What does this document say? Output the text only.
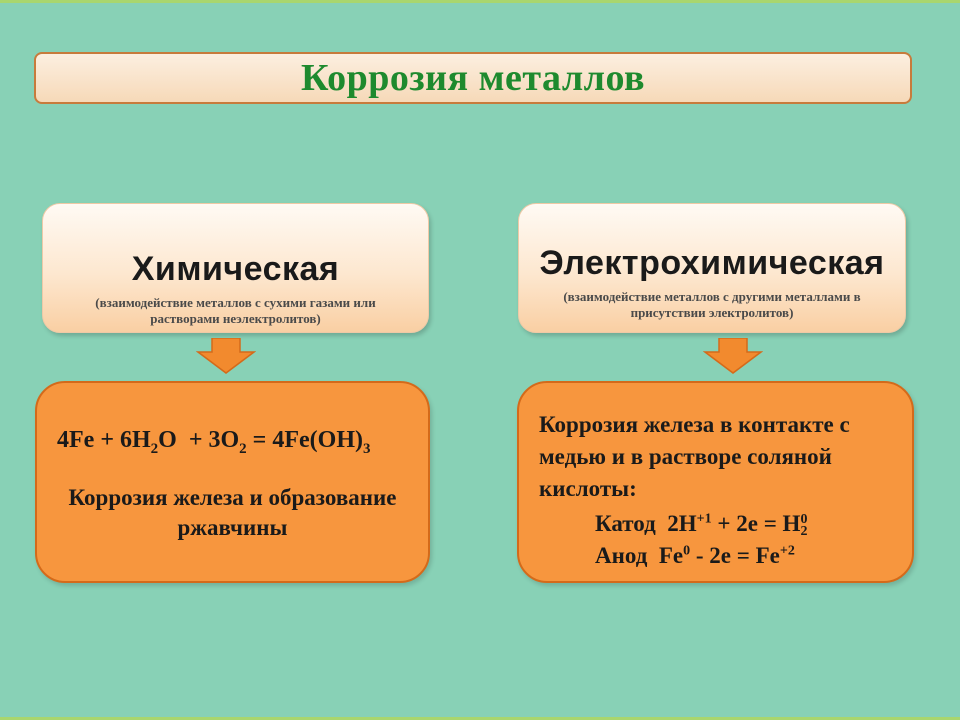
Коррозия металлов
Химическая
(взаимодействие металлов с сухими газами или растворами неэлектролитов)
Электрохимическая
(взаимодействие металлов с другими металлами в присутствии электролитов)
$4Fe + 6H_2O + 3O_2 = 4Fe(OH)_3$
Коррозия железа и образование ржавчины
Коррозия железа в контакте с медью и в растворе соляной кислоты:
Катод $2H^{+1} + 2e = H$ 0
2
Анод $Fe^0 - 2e = Fe^{+2}$
